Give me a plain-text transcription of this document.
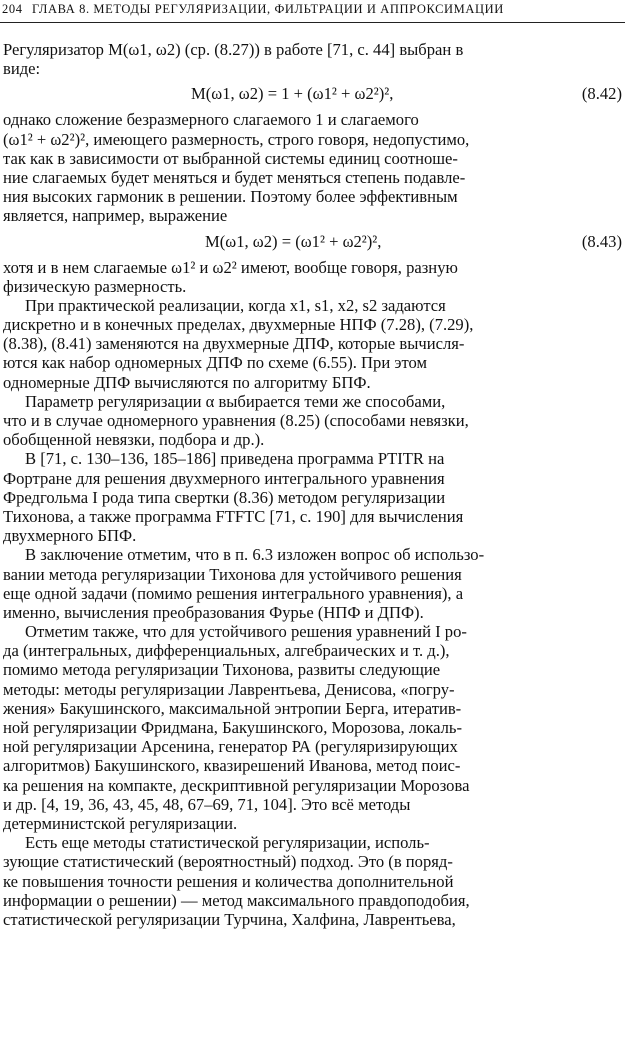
204 ГЛАВА 8. МЕТОДЫ РЕГУЛЯРИЗАЦИИ, ФИЛЬТРАЦИИ И АППРОКСИМАЦИИ
Регуляризатор M(ω1, ω2) (ср. (8.27)) в работе [71, с. 44] выбран в
виде:
M(ω1, ω2) = 1 + (ω1² + ω2²)²,	(8.42)
однако сложение безразмерного слагаемого 1 и слагаемого
(ω1² + ω2²)², имеющего размерность, строго говоря, недопустимо,
так как в зависимости от выбранной системы единиц соотноше-
ние слагаемых будет меняться и будет меняться степень подавле-
ния высоких гармоник в решении. Поэтому более эффективным
является, например, выражение
M(ω1, ω2) = (ω1² + ω2²)²,	(8.43)
хотя и в нем слагаемые ω1² и ω2² имеют, вообще говоря, разную
физическую размерность.
При практической реализации, когда x1, s1, x2, s2 задаются
дискретно и в конечных пределах, двухмерные НПФ (7.28), (7.29),
(8.38), (8.41) заменяются на двухмерные ДПФ, которые вычисля-
ются как набор одномерных ДПФ по схеме (6.55). При этом
одномерные ДПФ вычисляются по алгоритму БПФ.
Параметр регуляризации α выбирается теми же способами,
что и в случае одномерного уравнения (8.25) (способами невязки,
обобщенной невязки, подбора и др.).
В [71, с. 130–136, 185–186] приведена программа PTITR на
Фортране для решения двухмерного интегрального уравнения
Фредгольма I рода типа свертки (8.36) методом регуляризации
Тихонова, а также программа FTFTC [71, с. 190] для вычисления
двухмерного БПФ.
В заключение отметим, что в п. 6.3 изложен вопрос об использо-
вании метода регуляризации Тихонова для устойчивого решения
еще одной задачи (помимо решения интегрального уравнения), а
именно, вычисления преобразования Фурье (НПФ и ДПФ).
Отметим также, что для устойчивого решения уравнений I ро-
да (интегральных, дифференциальных, алгебраических и т. д.),
помимо метода регуляризации Тихонова, развиты следующие
методы: методы регуляризации Лаврентьева, Денисова, «погру-
жения» Бакушинского, максимальной энтропии Берга, итератив-
ной регуляризации Фридмана, Бакушинского, Морозова, локаль-
ной регуляризации Арсенина, генератор РА (регуляризирующих
алгоритмов) Бакушинского, квазирешений Иванова, метод поис-
ка решения на компакте, дескриптивной регуляризации Морозова
и др. [4, 19, 36, 43, 45, 48, 67–69, 71, 104]. Это всё методы
детерминистской регуляризации.
Есть еще методы статистической регуляризации, исполь-
зующие статистический (вероятностный) подход. Это (в поряд-
ке повышения точности решения и количества дополнительной
информации о решении) — метод максимального правдоподобия,
статистической регуляризации Турчина, Халфина, Лаврентьева,
